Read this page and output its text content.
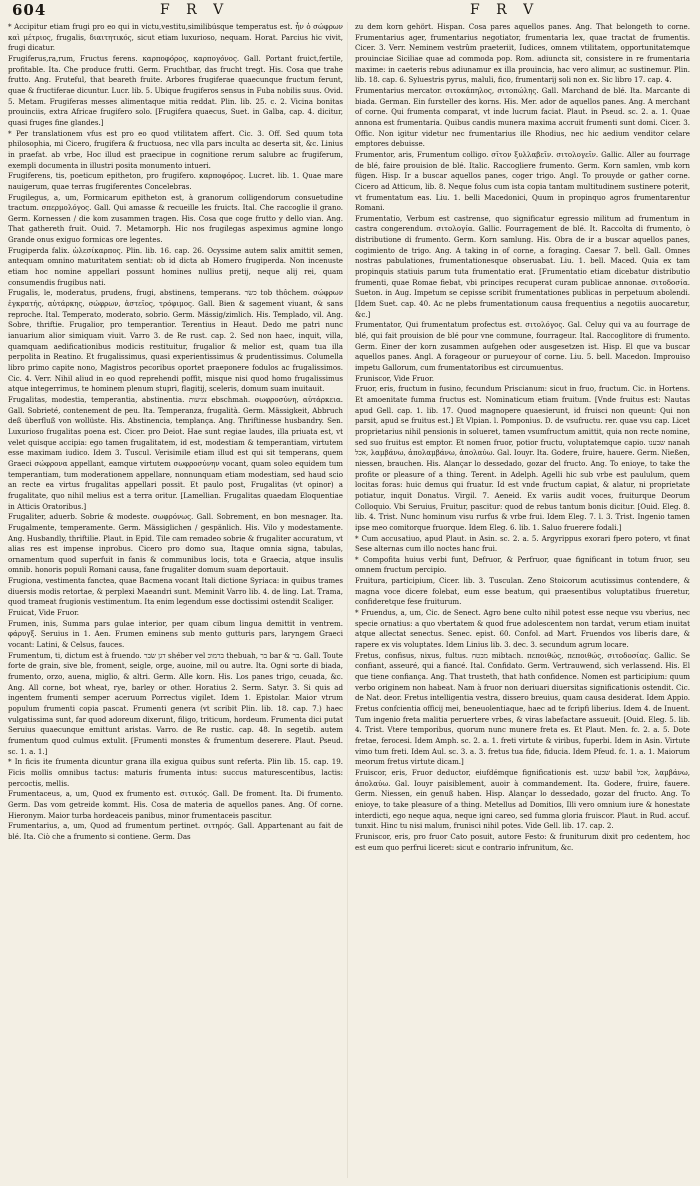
604	F R V	F R V

* Accipitur etiam frugi pro eo qui in victu,vestitu,similibúsque temperatus est. ἦν ὁ σώφρων καὶ μέτριος, frugalis, διαιτητικός, sicut etiam luxurioso, nequam. Horat. Parcius hic vivit, frugi dicatur.

Frugiferus,ra,rum, Fructus ferens. καρποφόρος, καρπογόνος. Gall. Portant fruict,fertile, profitable. Ita. Che produce frutti. Germ. Fruchtbar, das frucht tregt. His. Cosa que trahe frutto. Ang. Fruteful, that beareth fruite. Arbores frugiferae quaecunque fructum ferunt, quae & fructiferae dicuntur. Lucr. lib. 5. Ubique frugiferos sensus in Fuba nobilis suus. Ovid. 5. Metam. Frugiferas messes alimentaque mitia reddat. Plin. lib. 25. c. 2. Vicina bonitas prouinciis, extra Africae frugifero solo. [Frugifera quaecus, Suet. in Galba, cap. 4. dicitur, quasi fruges fine glandes.]

* Per translationem vfus est pro eo quod vtilitatem affert. Cic. 3. Off. Sed quum tota philosophia, mi Cicero, frugifera & fructuosa, nec vlla pars inculta ac deserta sit, &c. Linius in praefat. ab vrbe, Hoc illud est praecipue in cognitione rerum salubre ac frugiferum, exempli documenta in illustri posita monumento intueri.

Frugiferens, tis, poeticum epitheton, pro frugifero. καρποφόρος. Lucret. lib. 1. Quae mare nauigerum, quae terras frugiferentes Concelebras.

Frugilegus, a, um, Formicarum epitheton est, à granorum colligendorum consuetudine tractum. σπερμολόγος. Gall. Qui amasse & recueille les fruicts. Ital. Che raccoglie il grano. Germ. Kornessen / die kom zusammen tragen. His. Cosa que coge frutto y dello vian. Ang. That gathereth fruit. Ouid. 7. Metamorph. Hic nos frugilegas aspeximus agmine longo Grande onus exiguo formicas ore legentes.

Frugiperda falix. ὠλεσίκαρπος. Plin. lib. 16. cap. 26. Ocyssime autem salix amittit semen, antequam omnino maturitatem sentiat: ob id dicta ab Homero frugiperda. Non incenuste etiam hoc nomine appellari possunt homines nullius pretij, neque alij rei, quam consumendis frugibus nati.

Frugalis, le, moderatus, prudens, frugi, abstinens, temperans. כשׂר tob thôchem. σώφρων ἐγκρατής, αὐτάρκης, σώφρων, ἀστεῖος, τρόφιμος. Gall. Bien & sagement viuant, & sans reproche. Ital. Temperato, moderato, sobrio. Germ. Mässig/zimlich. His. Templado, vil. Ang. Sobre, thriftie. Frugalior, pro temperantior. Terentius in Heaut. Dedo me patri nunc ianuarium alior simiquam viuit. Varro 3. de Re rust. cap. 2. Sed non haec, inquit, villa, quamquam aedificationibus modicis restituitur, frugalior & melior est, quam tua illa perpolita in Reatino. Et frugalissimus, quasi experientissimus & prudentissimus. Columella libro primo capite nono, Magistros pecoribus oportet praeponere fodulos ac frugalissimos. Cic. 4. Verr. Nihil aliud in eo quod reprehendi poffit, misque nisi quod homo frugalissimus atque integerrimus, te hominem plenum stupri, flagitij, sceleris, domum suam inuitauit.

Frugalitas, modestia, temperantia, abstinentia. צניעות ebschmah. σωφροσύνη, αὐτάρκεια. Gall. Sobrieté, contenement de peu. Ita. Temperanza, frugalità. Germ. Mässigkeit, Abbruch deß überfluß von wollüste. His. Abstinencia, templança. Ang. Thriftinesse husbandry. Sen. Luxurioso frugalitas poena est. Cicer. pro Deiot. Hae sunt regiae laudes, illa priuata est, vt velet quisque accipia: ego tamen frugalitatem, id est, modestiam & temperantiam, virtutem esse maximam iudico. Idem 3. Tuscul. Verisimile etiam illud est qui sit temperans, quem Graeci σώφρονα appellant, eamque virtutem σωφροσύνην vocant, quam soleo equidem tum temperantiam, tum moderationem appellare, nonnunquam etiam modestiam, sed haud scio an recte ea virtus frugalitas appellari possit. Et paulo post, Frugalitas (vt opinor) a frugalitate, quo nihil melius est a terra oritur. [Lamellian. Frugalitas quaedam Eloquentiae in Atticis Oratoribus.]

Frugaliter, aduerb. Sobrie & modeste. σωφρόνως. Gall. Sobrement, en bon mesnager. Ita. Frugalmente, temperamente. Germ. Mässiglichen / gespänlich. His. Vilo y modestamente. Ang. Husbandly, thriftilie. Plaut. in Epid. Tile cam remadeo sobrie & frugaliter accuratum, vt alias res est impense inprobus. Cicero pro domo sua, Itaque omnia signa, tabulas, ornamentum quod superfuit in fanis & communibus locis, tota e Graecia, atque insulis omnib. honoris populi Romani causa, fane frugaliter domum suam deportauit.

Frugiona, vestimenta fanctea, quae Bacmena vocant Itali dictione Syriaca: in quibus trames diuersis modis retortae, & perplexi Maeandri sunt. Meminit Varro lib. 4. de ling. Lat. Trama, quod trameat frugionis vestimentum. Ita enim legendum esse doctissimi ostendit Scaliger.

Fruicat, Vide Fruor.

Frumen, inis, Summa pars gulae interior, per quam cibum lingua demittit in ventrem. φάρυγξ. Seruius in 1. Aen. Frumen eminens sub mento gutturis pars, laryngem Graeci vocant: Latini, & Celsus, fauces.

Frumentum, ti, dictum est à fruendo. דגן שׂבר shéber vel ברמוכ thebuah, בר bar & בר. Gall. Toute forte de grain, sive ble, froment, seigle, orge, auoine, mil ou autre. Ita. Ogni sorte di biada, frumento, orzo, auena, miglio, & altri. Germ. Alle korn. His. Los panes trigo, ceuada, &c. Ang. All corne, bot wheat, rye, barley or other. Horatius 2. Serm. Satyr. 3. Si quis ad ingentem frumenti semper aceruum Porrectus vigilet. Idem 1. Epistolar. Maior vtrum populum frumenti copia pascat. Frumenti genera (vt scribit Plin. lib. 18. cap. 7.) haec vulgatissima sunt, far quod adoreum dixerunt, filigo, triticum, hordeum. Frumenta dici putat Seruius quaecunque emittunt aristas. Varro. de Re rustic. cap. 48. In segetib. autem frumentum quod culmus extulit. [Frumenti monstes & frumentum deserere. Plaut. Pseud. sc. 1. a. 1.]

* In ficis ite frumenta dicuntur grana illa exigua quibus sunt referta. Plin lib. 15. cap. 19. Ficis mollis omnibus tactus: maturis frumenta intus: succus maturescentibus, lactis: percoctis, mellis.

Frumentaceus, a, um, Quod ex frumento est. σιτικός. Gall. De froment. Ita. Di frumento. Germ. Das vom getreide kommt. His. Cosa de materia de aquellos panes. Ang. Of corne. Hieronym. Maior turba hordeaceis panibus, minor frumentaceis pascitur.

Frumentarius, a, um, Quod ad frumentum pertinet. σιτηρός. Gall. Appartenant au fait de blé. Ita. Ciò che a frumento si contiene. Germ. Das

zu dem korn gehört. Hispan. Cosa pares aquellos panes. Ang. That belongeth to corne. Frumentarius ager, frumentarius negotiator, frumentaria lex, quae tractat de frumentis. Cicer. 3. Verr. Neminem vestrûm praeteriit, Iudices, omnem vtilitatem, opportunitatemque prouinciae Siciliae quae ad commoda pop. Rom. adiuncta sit, consistere in re frumentaria maxime: in caeteris rebus adiunamur ex illa prouincia, hac vero alimur, ac sustinemur. Plin. lib. 18. cap. 6. Syluestris pyrus, maluli, fico, frumentarij soli non ex. Sic libro 17. cap. 4.

Frumentarius mercator. σιτοκάπηλος, σιτοπώλης. Gall. Marchand de blé. Ita. Marcante di biada. German. Ein fursteller des korns. His. Mer. ador de aquellos panes. Ang. A merchant of corne. Qui frumenta comparat, vt inde lucrum faciat. Plaut. in Pseud. sc. 2. a. 1. Quae annona est frumentaria. Quibus candis munera maxima accruit frumenti sunt domi. Cicer. 3. Offic. Non igitur videtur nec frumentarius ille Rhodius, nec hic aedium venditor celare emptores debuisse.

Frumentor, aris, Frumentum colligo. σῖτον ξυλλαβεῖν. σιτολογεῖν. Gallic. Aller au fourrage de blé, faire prouision de blé. Italic. Raccogliere frumento. Germ. Korn samlen, vmb korn fügen. Hisp. Ir a buscar aquellos panes, coger trigo. Angl. To prouyde or gather corne. Cicero ad Atticum, lib. 8. Neque folus cum ista copia tantam multitudinem sustinere poterit, vt frumentatum eas. Liu. 1. belli Macedonici, Quum in propinquo agros frumentarentur Romani.

Frumentatio, Verbum est castrense, quo significatur egressio militum ad frumentum in castra congerendum. σιτολογία. Gallic. Fourragement de blé. It. Raccolta di frumento, ò distributione di frumento. Germ. Korn samlung. His. Obra de ir a buscar aquellos panes, cogimiento de trigo. Ang. A taking in of corne, a foraging. Caesar 7. bell. Gall. Omnes nostras pabulationes, frumentationesque obseruabat. Liu. 1. bell. Maced. Quia ex tam propinquis statiuis parum tuta frumentatio erat. [Frumentatio etiam dicebatur distributio frumenti, quae Romae fiebat, vbi principes recuperat curam publicae annonae. σιτοδοσία. Sueton. in Aug. Impetum se cepisse scribit frumentationes publicas in perpetuum abolendi. [Idem Suet. cap. 40. Ac ne plebs frumentationum causa frequentius a negotiis auocaretur, &c.]

Frumentator, Qui frumentatum profectus est. σιτολόγος. Gal. Celuy qui va au fourrage de blé, qui fait prouision de blé pour vne commune, fourrageur. Ital. Raccoglitore di frumento. Germ. Einer der korn zusammen aufgehen oder ausgesetzen ist. Hisp. El que va buscar aquellos panes. Angl. A forageour or purueyour of corne. Liu. 5. bell. Macedon. Improuiso impetu Gallorum, cum frumentatoribus est circumuentus.

Fruniscor, Vide Fruor.

Fruor, eris, fructum in fusino, fecundum Priscianum: sicut in fruo, fructum. Cic. in Hortens. Et amoenitate fumma fructus est. Nominaticum etiam fruitum. [Vnde fruitus est: Nautas apud Gell. cap. 1. lib. 17. Quod magnopere quaesierunt, id fruisci non queunt: Qui non parsit, apud se fruitus est.] Et Vlpian. l. Pomponius. D. de vsufructu. rer. quae vsu cap. Licet proprietarius nihil pensionis in solueret, tamen vsumfructum amittit, quia non recte nomine, sed suo fruitus est emptor. Et nomen fruor, potior fructu, voluptatemque capio. שבענו nanah אכל, λαμβάνω, ἀπολαμβάνω, ἀπολαύω. Gal. Iouyr. Ita. Godere, fruire, hauere. Germ. Nießen, niessen, brauchen. His. Alançar lo dessedado, gozar del fructo. Ang. To enioye, to take the profite or pleasure of a thing. Terent. in Adelph. Agelli hic sub vrbe est paululum, quem locitas foras: huic demus qui fruatur. Id est vnde fructum capiat, & alatur, ni proprietate potiatur, inquit Donatus. Virgil. 7. Aeneid. Ex variis audit voces, fruiturque Deorum Colloquio. Vbi Seruius, Fruitur, pascitur: quod de rebus tantum bonis dicitur. [Ouid. Eleg. 8. lib. 4. Trist. Nunc hominum visu rurfus & vrbe frui. Idem Eleg. 7. l. 3. Trist. Ingenio tamen ipse meo comitorque fruorque. Idem Eleg. 6. lib. 1. Saluo fruerere fodali.]

* Cum accusatiuo, apud Plaut. in Asin. sc. 2. a. 5. Argyrippus exorari fpero potero, vt finat Sese alternas cum illo noctes hanc frui.

* Compofita huius verbi funt, Defruor, & Perfruor, quae fignificant in totum fruor, seu omnem fructum percipio.

Fruitura, participium, Cicer. lib. 3. Tusculan. Zeno Stoicorum acutissimus contendere, & magna voce dicere folebat, eum esse beatum, qui praesentibus voluptatibus frueretur, confideretque fese fruiturum.

* Fruendus, a, um, Cic. de Senect. Agro bene culto nihil potest esse neque vsu vberius, nec specie ornatius: a quo vbertatem & quod frue adolescentem non tardat, verum etiam inuitat atque allectat senectus. Senec. epist. 60. Confol. ad Mart. Fruendos vos liberis dare, & rapere ex vis voluptates. Idem Linius lib. 3. dec. 3. secundum agrum locare.

Fretus, confisus, nixus, fultus. מבטח mibtach. πεποιθώς, πεποιθώς, σιτοδοσίας. Gallic. Se confiant, asseuré, qui a fiancé. Ital. Confidato. Germ. Vertrauwend, sich verlassend. His. El que tiene confiança. Ang. That trusteth, that hath confidence. Nomen est participium: quum verbo originem non habeat. Nam à fruor non deriuari diuersitas significationis ostendit. Cic. de Nat. deor. Fretus intelligentia vestra, dissero breuius, quam causa desiderat. Idem Appio. Fretus confcientia officij mei, beneuolentiaque, haec ad te fcripfi liberius. Idem 4. de Inuent. Tum ingenio freta malitia peruertere vrbes, & viras labefactare assueuit. [Ouid. Eleg. 5. lib. 4. Trist. Vtere temporibus, quorum nunc munere freta es. Et Plaut. Men. fc. 2. a. 5. Dote fretae, ferocesi. Idem Amph. sc. 2. a. 1. freti virtute & viribus, fuperbi. Idem in Asin. Virtute vimo tum freti. Idem Aul. sc. 3. a. 3. fretus tua fide, fiducia. Idem Pfeud. fc. 1. a. 1. Maiorum meorum fretus virtute dicam.]

Fruiscor, eris, Fruor deductor, eiufdémque fignificationis est. שבענו babil אכל, λαμβάνω, ἀπολαύω. Gal. Iouyr paisiblement, auoir à commandement. Ita. Godere, fruire, fauere. Germ. Niessen, ein genuß haben. Hisp. Alançar lo dessedado, gozar del fructo. Ang. To enioye, to take pleasure of a thing. Metellus ad Domitios, Illi vero omnium iure & honestate interdicti, ego neque aqua, neque igni careo, sed fumma gloria fruiscor. Plaut. in Rud. accuf. tunxit. Hinc tu nisi malum, frunisci nihil potes. Vide Gell. lib. 17. cap. 2.

Fruniscor, eris, pro fruor Cato posuit, autore Festo: & fruniturum dixit pro cedentem, hoc est eum quo perfrui liceret: sicut e contrario infrunitum, &c.
